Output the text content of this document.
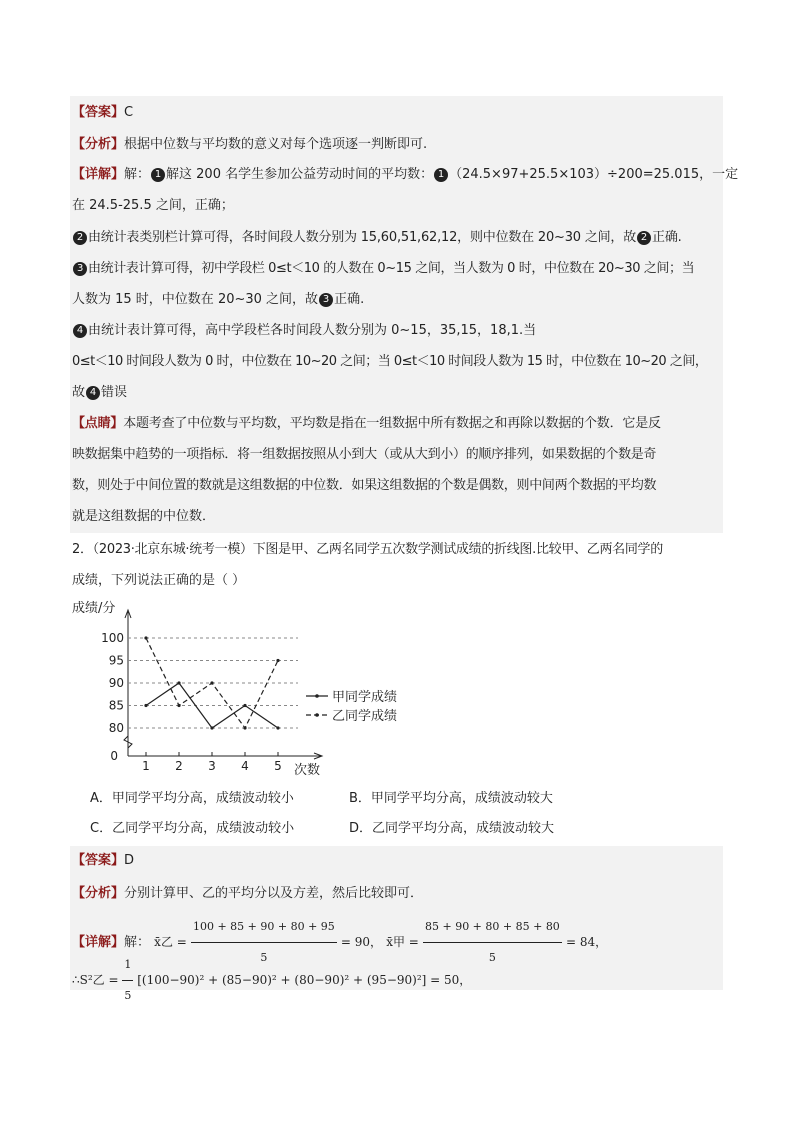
【答案】C
【分析】根据中位数与平均数的意义对每个选项逐一判断即可.
【详解】解： 1 解这 200 名学生参加公益劳动时间的平均数： 1 （24.5×97+25.5×103）÷200=25.015，一定
在 24.5-25.5 之间，正确；
2 由统计表类别栏计算可得，各时间段人数分别为 15,60,51,62,12，则中位数在 20~30 之间，故 2 正确.
3 由统计表计算可得，初中学段栏 0≤t＜10 的人数在 0~15 之间，当人数为 0 时，中位数在 20~30 之间；当
人数为 15 时，中位数在 20~30 之间，故 3 正确.
4 由统计表计算可得，高中学段栏各时间段人数分别为 0~15，35,15，18,1.当
0≤t＜10 时间段人数为 0 时，中位数在 10~20 之间；当 0≤t＜10 时间段人数为 15 时，中位数在 10~20 之间，
故 4 错误
【点睛】本题考查了中位数与平均数，平均数是指在一组数据中所有数据之和再除以数据的个数．它是反
映数据集中趋势的一项指标．将一组数据按照从小到大（或从大到小）的顺序排列，如果数据的个数是奇
数，则处于中间位置的数就是这组数据的中位数．如果这组数据的个数是偶数，则中间两个数据的平均数
就是这组数据的中位数．
2．（2023·北京东城·统考一模）下图是甲、乙两名同学五次数学测试成绩的折线图.比较甲、乙两名同学的
成绩，下列说法正确的是（ ）
成绩/分
次数
0
80
85
90
95
100
1 2 3 4 5
甲同学成绩
乙同学成绩
A．甲同学平均分高，成绩波动较小	B．甲同学平均分高，成绩波动较大
C．乙同学平均分高，成绩波动较小	D．乙同学平均分高，成绩波动较大
【答案】D
【分析】分别计算甲、乙的平均分以及方差，然后比较即可．
【详解】解： x̄乙 = $\frac{100 + 85 + 90 + 80 + 95}{5} = 90$， x̄甲 = $\frac{85 + 90 + 80 + 85 + 80}{5} = 84$，
∴S²乙 = $\frac{1}{5} [(100-90)^2 + (85-90)^2 + (80-90)^2 + (95-90)^2] = 50$，
